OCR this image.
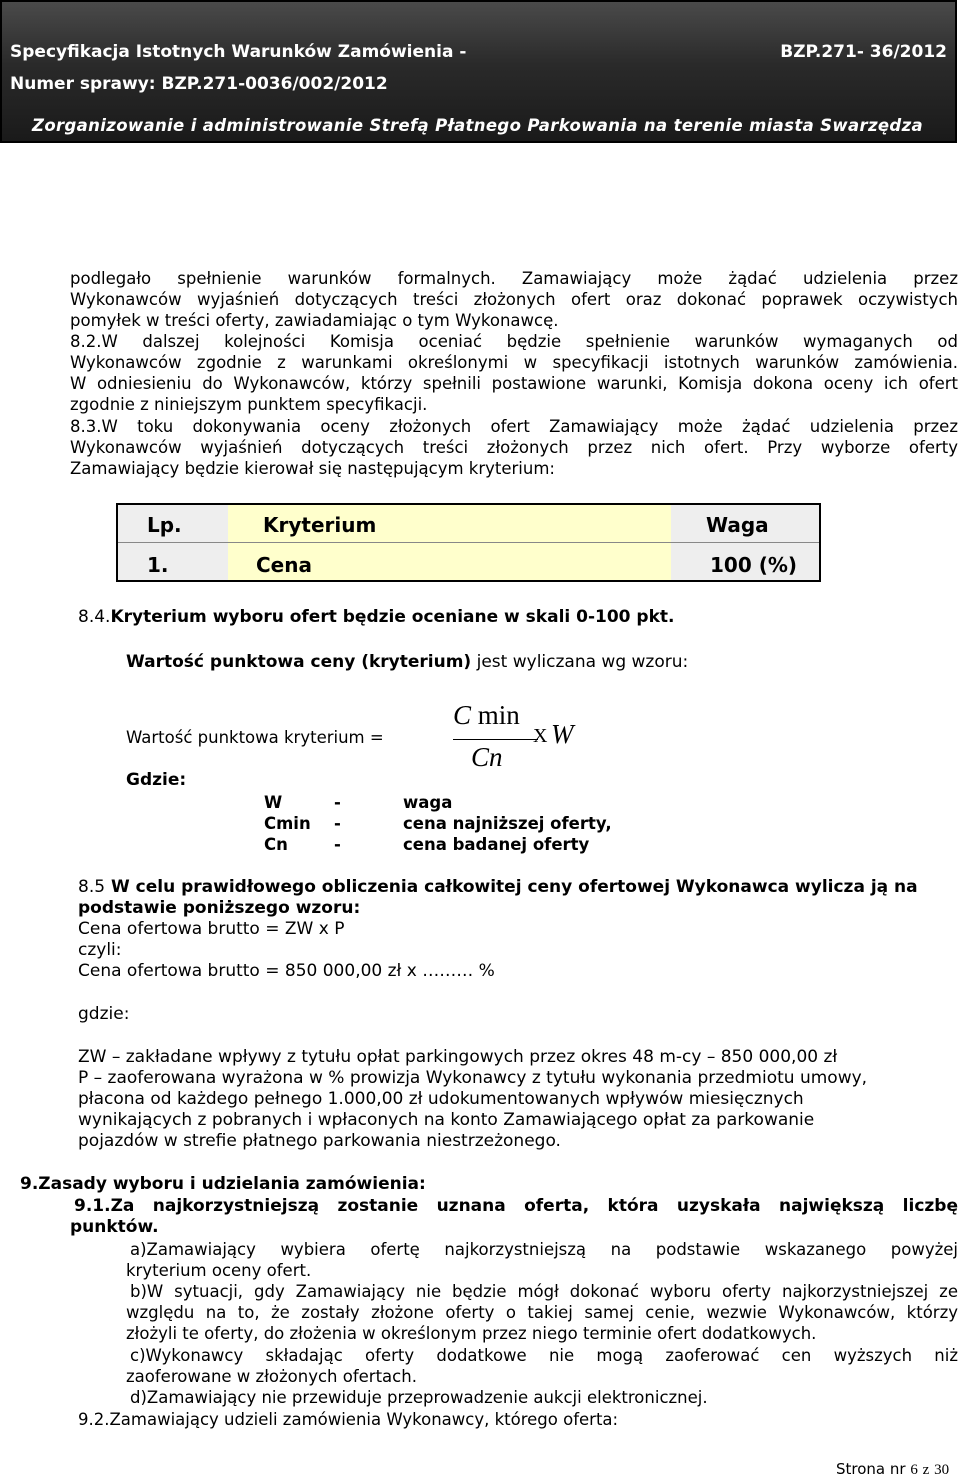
Specyfikacja Istotnych Warunków Zamówienia -	BZP.271- 36/2012
Numer sprawy: BZP.271-0036/002/2012
Zorganizowanie i administrowanie Strefą Płatnego Parkowania na terenie miasta Swarzędza
podlegało spełnienie warunków formalnych. Zamawiający może żądać udzielenia przez
Wykonawców wyjaśnień dotyczących treści złożonych ofert oraz dokonać poprawek oczywistych
pomyłek w treści oferty, zawiadamiając o tym Wykonawcę.
8.2.W dalszej kolejności Komisja oceniać będzie spełnienie warunków wymaganych od
Wykonawców zgodnie z warunkami określonymi w specyfikacji istotnych warunków zamówienia.
W odniesieniu do Wykonawców, którzy spełnili postawione warunki, Komisja dokona oceny ich ofert
zgodnie z niniejszym punktem specyfikacji.
8.3.W toku dokonywania oceny złożonych ofert Zamawiający może żądać udzielenia przez
Wykonawców wyjaśnień dotyczących treści złożonych przez nich ofert. Przy wyborze oferty
Zamawiający będzie kierował się następującym kryterium:
Lp.	Kryterium	Waga
1.	Cena	100 (%)
8.4.Kryterium wyboru ofert będzie oceniane w skali 0-100 pkt.
Wartość punktowa ceny (kryterium) jest wyliczana wg wzoru:
Wartość punktowa kryterium =
C min
Cn
X W
Gdzie:
W	-	waga
Cmin -	cena najniższej oferty,
Cn	-	cena badanej oferty
8.5 W celu prawidłowego obliczenia całkowitej ceny ofertowej Wykonawca wylicza ją na
podstawie poniższego wzoru:
Cena ofertowa brutto = ZW x P
czyli:
Cena ofertowa brutto = 850 000,00 zł x ……… %
gdzie:
ZW – zakładane wpływy z tytułu opłat parkingowych przez okres 48 m-cy – 850 000,00 zł
P – zaoferowana wyrażona w % prowizja Wykonawcy z tytułu wykonania przedmiotu umowy,
płacona od każdego pełnego 1.000,00 zł udokumentowanych wpływów miesięcznych
wynikających z pobranych i wpłaconych na konto Zamawiającego opłat za parkowanie
pojazdów w strefie płatnego parkowania niestrzeżonego.
9.Zasady wyboru i udzielania zamówienia:
9.1.Za najkorzystniejszą zostanie uznana oferta, która uzyskała największą liczbę
punktów.
a)Zamawiający wybiera ofertę najkorzystniejszą na podstawie wskazanego powyżej
kryterium oceny ofert.
b)W sytuacji, gdy Zamawiający nie będzie mógł dokonać wyboru oferty najkorzystniejszej ze
względu na to, że zostały złożone oferty o takiej samej cenie, wezwie Wykonawców, którzy
złożyli te oferty, do złożenia w określonym przez niego terminie ofert dodatkowych.
c)Wykonawcy składając oferty dodatkowe nie mogą zaoferować cen wyższych niż
zaoferowane w złożonych ofertach.
d)Zamawiający nie przewiduje przeprowadzenie aukcji elektronicznej.
9.2.Zamawiający udzieli zamówienia Wykonawcy, którego oferta:
Strona nr 6 z 30
